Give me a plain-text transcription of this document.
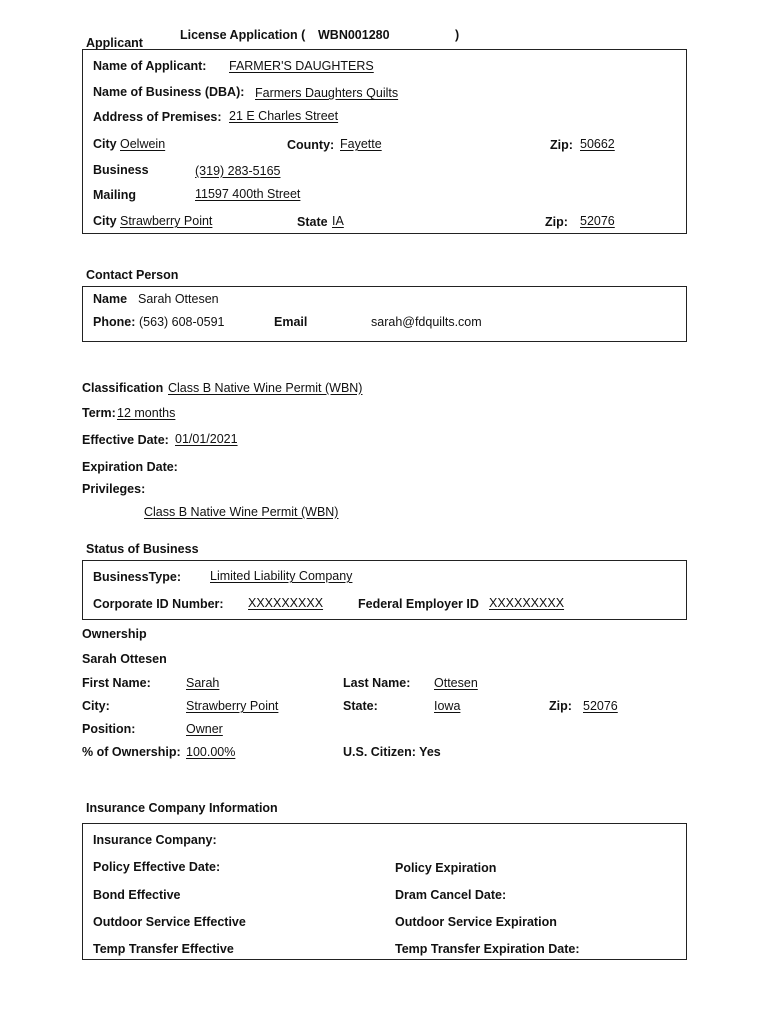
Applicant
License Application ( WBN001280	)
Name of Applicant: FARMER'S DAUGHTERS
Name of Business (DBA): Farmers Daughters Quilts
Address of Premises: 21 E Charles Street
City Oelwein	County: Fayette	Zip: 50662
Business	(319) 283-5165
Mailing	11597 400th Street
City Strawberry Point	State IA	Zip: 52076
Contact Person
Name Sarah Ottesen
Phone: (563) 608-0591	Email	sarah@fdquilts.com
Classification Class B Native Wine Permit (WBN)
Term: 12 months
Effective Date: 01/01/2021
Expiration Date:
Privileges:
Class B Native Wine Permit (WBN)
Status of Business
BusinessType: Limited Liability Company
Corporate ID Number: XXXXXXXXX	Federal Employer ID XXXXXXXXX
Ownership
Sarah Ottesen
First Name:	Sarah	Last Name: Ottesen
City:	Strawberry Point	State:	Iowa	Zip: 52076
Position:	Owner
% of Ownership: 100.00%	U.S. Citizen: Yes
Insurance Company Information
Insurance Company:
Policy Effective Date:	Policy Expiration
Bond Effective	Dram Cancel Date:
Outdoor Service Effective	Outdoor Service Expiration
Temp Transfer Effective	Temp Transfer Expiration Date:
